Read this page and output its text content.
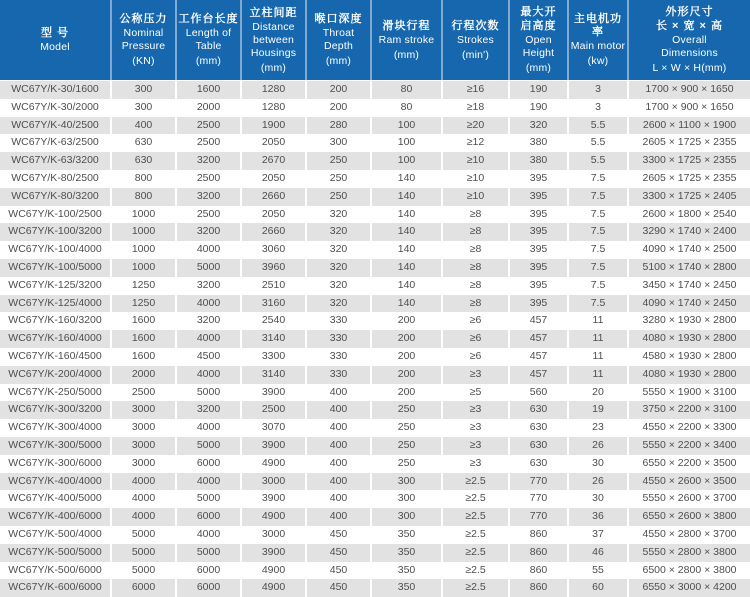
型 号
Model

公称压力
Nominal
Pressure
(KN)

工作台长度
Length of
Table
(mm)

立柱间距
Distance
between
Housings
(mm)

喉口深度
Throat
Depth
(mm)

滑块行程
Ram stroke
(mm)

行程次数
Strokes
(min')

最大开
启高度
Open
Height
(mm)

主电机功率
Main motor
(kw)

外形尺寸
长 × 宽 × 高
Overall
Dimensions
L × W × H(mm)

WC67Y/K-30/1600	300	1600	1280	200	80	≥16	190	3	1700 × 900 × 1650
WC67Y/K-30/2000	300	2000	1280	200	80	≥18	190	3	1700 × 900 × 1650
WC67Y/K-40/2500	400	2500	1900	280	100	≥20	320	5.5	2600 × 1100 × 1900
WC67Y/K-63/2500	630	2500	2050	300	100	≥12	380	5.5	2605 × 1725 × 2355
WC67Y/K-63/3200	630	3200	2670	250	100	≥10	380	5.5	3300 × 1725 × 2355
WC67Y/K-80/2500	800	2500	2050	250	140	≥10	395	7.5	2605 × 1725 × 2355
WC67Y/K-80/3200	800	3200	2660	250	140	≥10	395	7.5	3300 × 1725 × 2405
WC67Y/K-100/2500	1000	2500	2050	320	140	≥8	395	7.5	2600 × 1800 × 2540
WC67Y/K-100/3200	1000	3200	2660	320	140	≥8	395	7.5	3290 × 1740 × 2400
WC67Y/K-100/4000	1000	4000	3060	320	140	≥8	395	7.5	4090 × 1740 × 2500
WC67Y/K-100/5000	1000	5000	3960	320	140	≥8	395	7.5	5100 × 1740 × 2800
WC67Y/K-125/3200	1250	3200	2510	320	140	≥8	395	7.5	3450 × 1740 × 2450
WC67Y/K-125/4000	1250	4000	3160	320	140	≥8	395	7.5	4090 × 1740 × 2450
WC67Y/K-160/3200	1600	3200	2540	330	200	≥6	457	11	3280 × 1930 × 2800
WC67Y/K-160/4000	1600	4000	3140	330	200	≥6	457	11	4080 × 1930 × 2800
WC67Y/K-160/4500	1600	4500	3300	330	200	≥6	457	11	4580 × 1930 × 2800
WC67Y/K-200/4000	2000	4000	3140	330	200	≥3	457	11	4080 × 1930 × 2800
WC67Y/K-250/5000	2500	5000	3900	400	200	≥5	560	20	5550 × 1900 × 3100
WC67Y/K-300/3200	3000	3200	2500	400	250	≥3	630	19	3750 × 2200 × 3100
WC67Y/K-300/4000	3000	4000	3070	400	250	≥3	630	23	4550 × 2200 × 3300
WC67Y/K-300/5000	3000	5000	3900	400	250	≥3	630	26	5550 × 2200 × 3400
WC67Y/K-300/6000	3000	6000	4900	400	250	≥3	630	30	6550 × 2200 × 3500
WC67Y/K-400/4000	4000	4000	3000	400	300	≥2.5	770	26	4550 × 2600 × 3500
WC67Y/K-400/5000	4000	5000	3900	400	300	≥2.5	770	30	5550 × 2600 × 3700
WC67Y/K-400/6000	4000	6000	4900	400	300	≥2.5	770	36	6550 × 2600 × 3800
WC67Y/K-500/4000	5000	4000	3000	450	350	≥2.5	860	37	4550 × 2800 × 3700
WC67Y/K-500/5000	5000	5000	3900	450	350	≥2.5	860	46	5550 × 2800 × 3800
WC67Y/K-500/6000	5000	6000	4900	450	350	≥2.5	860	55	6500 × 2800 × 3800
WC67Y/K-600/6000	6000	6000	4900	450	350	≥2.5	860	60	6550 × 3000 × 4200
